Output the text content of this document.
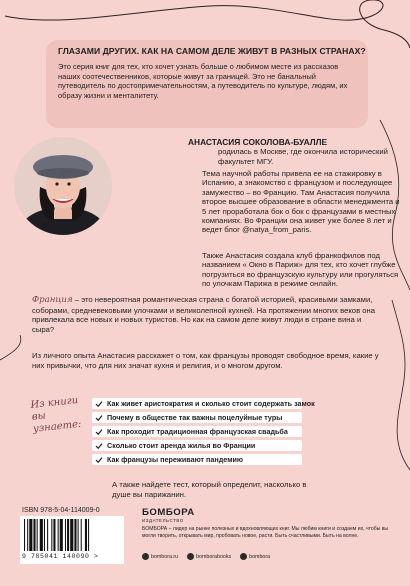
ГЛАЗАМИ ДРУГИХ. КАК НА САМОМ ДЕЛЕ ЖИВУТ В РАЗНЫХ СТРАНАХ?

Это серия книг для тех, кто хочет узнать больше о любимом месте из рассказов наших соотечественников, которые живут за границей. Это не банальный путеводитель по достопримечательностям, а путеводитель по культуре, людям, их образу жизни и менталитету.

АНАСТАСИЯ СОКОЛОВА-БУАЛЛЕ

родилась в Москве, где окончила исторический факультет МГУ.

Тема научной работы привела ее на стажировку в Испанию, а знакомство с французом и последующее замужество – во Францию. Там Анастасия получила второе высшее образование в области менеджмента и 5 лет проработала бок о бок с французами в местных компаниях. Во Франции она живет уже более 8 лет и ведет блог @natya_from_paris.

Также Анастасия создала клуб франкофилов под названием « Окно в Париж» для тех, кто хочет глубже погрузиться во французскую культуру или прогуляться по улочкам Парижа в режиме онлайн.

Франция – это невероятная романтическая страна с богатой историей, красивыми замками, соборами, средневековыми улочками и великолепной кухней. На протяжении многих веков она привлекала все новых и новых туристов. Но как на самом деле живут люди в стране вина и сыра?

Из личного опыта Анастасия расскажет о том, как французы проводят свободное время, какие у них привычки, что для них значат кухня и религия, и о многом другом.

Из книги вы узнаете:

Как живет аристократия и сколько стоит содержать замок
Почему в обществе так важны поцелуйные туры
Как проходит традиционная французская свадьба
Сколько стоит аренда жилья во Франции
Как французы переживают пандемию

А также найдете тест, который определит, насколько в душе вы парижанин.

ISBN 978-5-04-114009-0

9 785041 140090 >

БОМБОРА

ИЗДАТЕЛЬСТВО

БОМБОРА – лидер на рынке полезных и вдохновляющих книг. Мы любим книги и создаем их, чтобы вы могли творить, открывать мир, пробовать новое, расти. Быть счастливыми. Быть на волне.

bombora.ru	bomborabooks	bombora
